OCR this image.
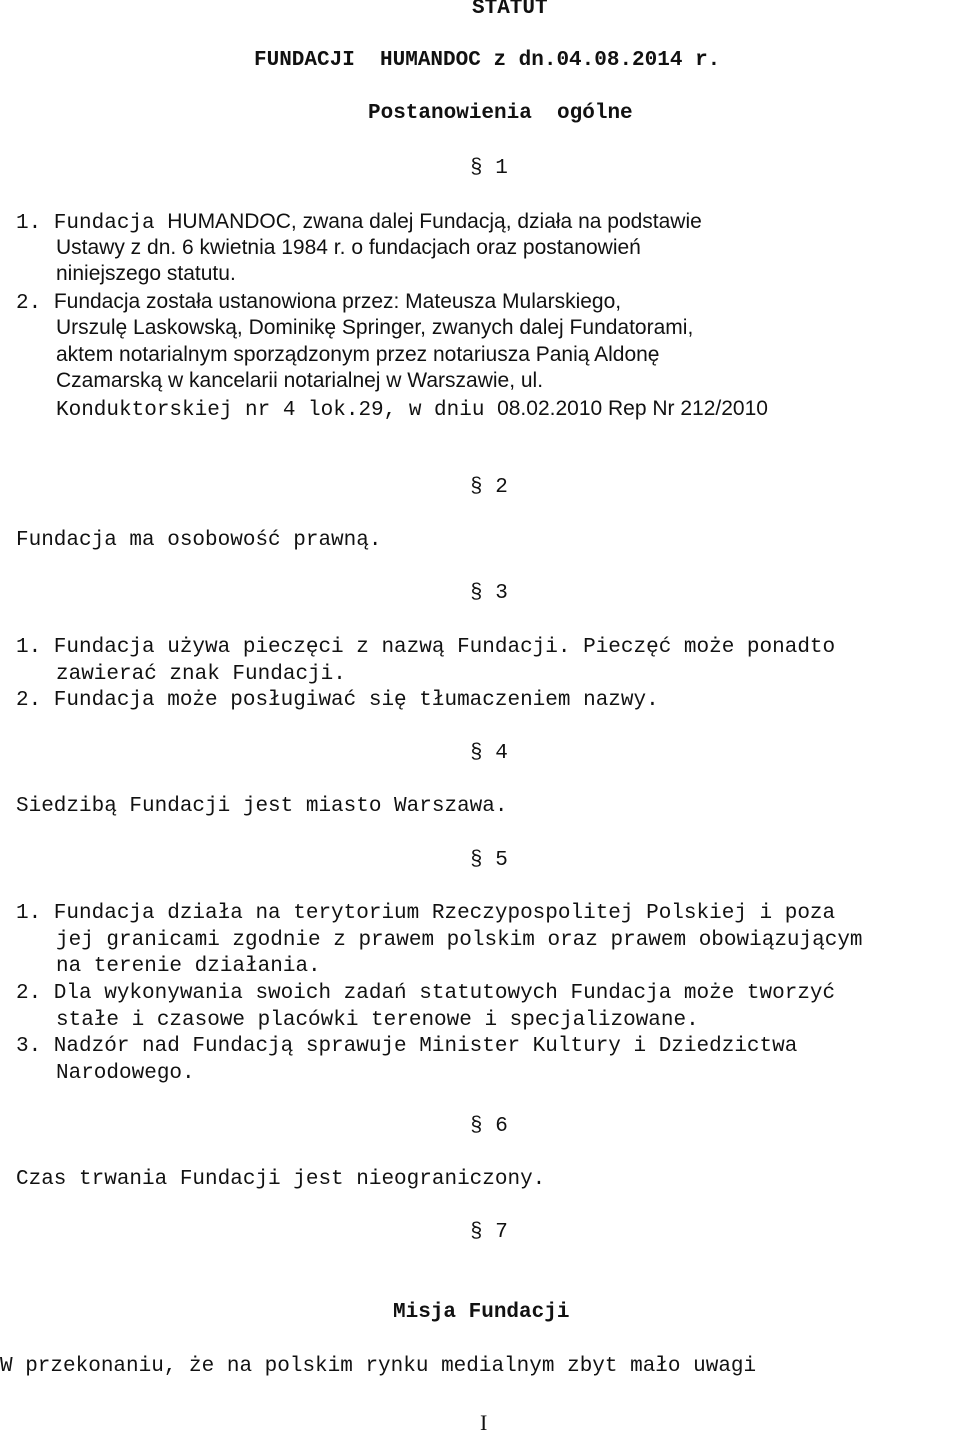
STATUT
FUNDACJI  HUMANDOC z dn.04.08.2014 r.
Postanowienia  ogólne
§ 1
1. Fundacja HUMANDOC, zwana dalej Fundacją, działa na podstawie
Ustawy z dn. 6 kwietnia 1984 r. o fundacjach oraz postanowień
niniejszego statutu.
2. Fundacja została ustanowiona przez: Mateusza Mularskiego,
Urszulę Laskowską, Dominikę Springer, zwanych dalej Fundatorami,
aktem notarialnym sporządzonym przez notariusza Panią Aldonę
Czamarską w kancelarii notarialnej w Warszawie, ul.
Konduktorskiej nr 4 lok.29, w dniu 08.02.2010 Rep Nr 212/2010
§ 2
Fundacja ma osobowość prawną.
§ 3
1. Fundacja używa pieczęci z nazwą Fundacji. Pieczęć może ponadto
zawierać znak Fundacji.
2. Fundacja może posługiwać się tłumaczeniem nazwy.
§ 4
Siedzibą Fundacji jest miasto Warszawa.
§ 5
1. Fundacja działa na terytorium Rzeczypospolitej Polskiej i poza
jej granicami zgodnie z prawem polskim oraz prawem obowiązującym
na terenie działania.
2. Dla wykonywania swoich zadań statutowych Fundacja może tworzyć
stałe i czasowe placówki terenowe i specjalizowane.
3. Nadzór nad Fundacją sprawuje Minister Kultury i Dziedzictwa
Narodowego.
§ 6
Czas trwania Fundacji jest nieograniczony.
§ 7
Misja Fundacji
W przekonaniu, że na polskim rynku medialnym zbyt mało uwagi
I
